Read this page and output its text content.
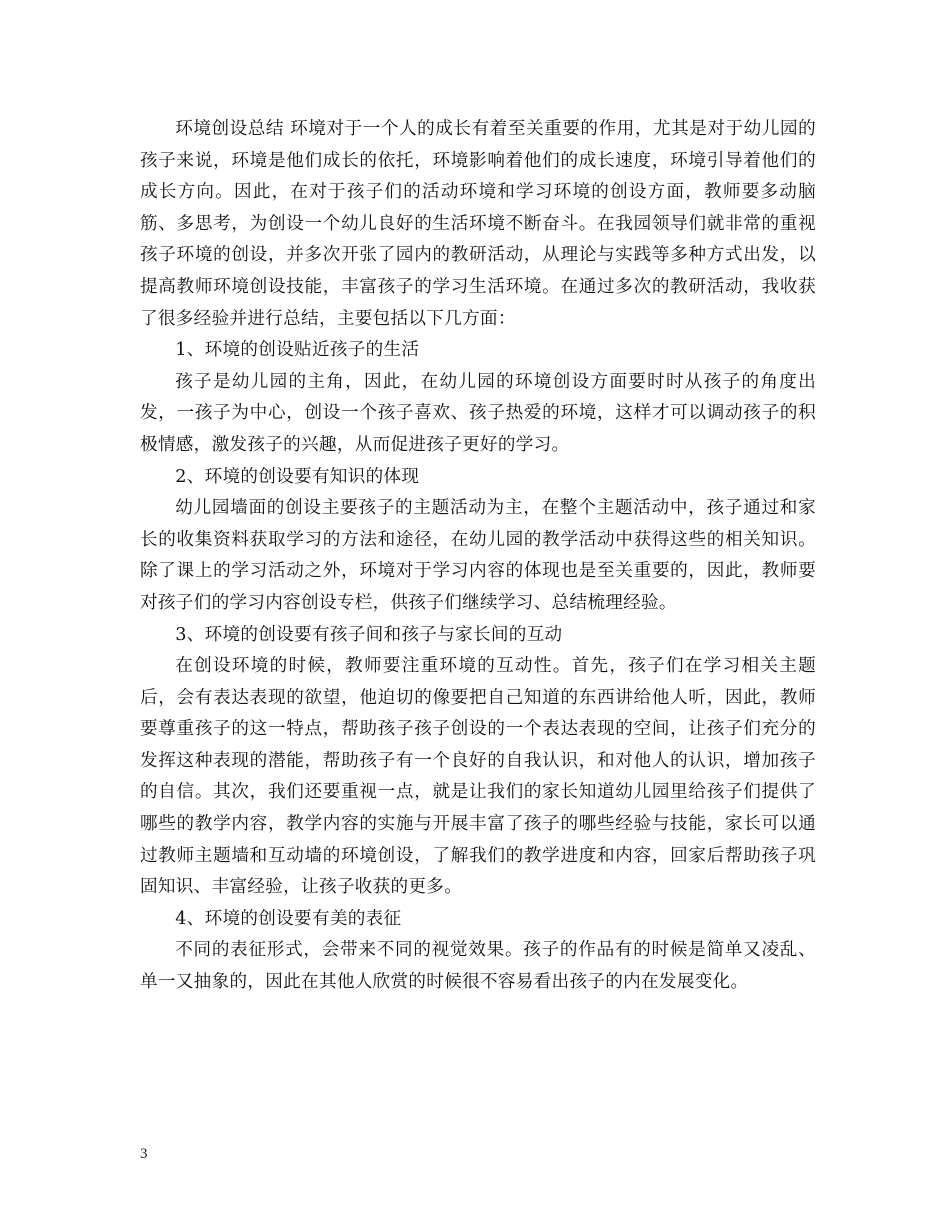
环境创设总结 环境对于一个人的成长有着至关重要的作用，尤其是对于幼儿园的孩子来说，环境是他们成长的依托，环境影响着他们的成长速度，环境引导着他们的成长方向。因此，在对于孩子们的活动环境和学习环境的创设方面，教师要多动脑筋、多思考，为创设一个幼儿良好的生活环境不断奋斗。在我园领导们就非常的重视孩子环境的创设，并多次开张了园内的教研活动，从理论与实践等多种方式出发，以提高教师环境创设技能，丰富孩子的学习生活环境。在通过多次的教研活动，我收获了很多经验并进行总结，主要包括以下几方面：

1、环境的创设贴近孩子的生活

孩子是幼儿园的主角，因此，在幼儿园的环境创设方面要时时从孩子的角度出发，一孩子为中心，创设一个孩子喜欢、孩子热爱的环境，这样才可以调动孩子的积极情感，激发孩子的兴趣，从而促进孩子更好的学习。

2、环境的创设要有知识的体现

幼儿园墙面的创设主要孩子的主题活动为主，在整个主题活动中，孩子通过和家长的收集资料获取学习的方法和途径，在幼儿园的教学活动中获得这些的相关知识。除了课上的学习活动之外，环境对于学习内容的体现也是至关重要的，因此，教师要对孩子们的学习内容创设专栏，供孩子们继续学习、总结梳理经验。

3、环境的创设要有孩子间和孩子与家长间的互动

在创设环境的时候，教师要注重环境的互动性。首先，孩子们在学习相关主题后，会有表达表现的欲望，他迫切的像要把自己知道的东西讲给他人听，因此，教师要尊重孩子的这一特点，帮助孩子孩子创设的一个表达表现的空间，让孩子们充分的发挥这种表现的潜能，帮助孩子有一个良好的自我认识，和对他人的认识，增加孩子的自信。其次，我们还要重视一点，就是让我们的家长知道幼儿园里给孩子们提供了哪些的教学内容，教学内容的实施与开展丰富了孩子的哪些经验与技能，家长可以通过教师主题墙和互动墙的环境创设，了解我们的教学进度和内容，回家后帮助孩子巩固知识、丰富经验，让孩子收获的更多。

4、环境的创设要有美的表征

不同的表征形式，会带来不同的视觉效果。孩子的作品有的时候是简单又凌乱、单一又抽象的，因此在其他人欣赏的时候很不容易看出孩子的内在发展变化。

3
